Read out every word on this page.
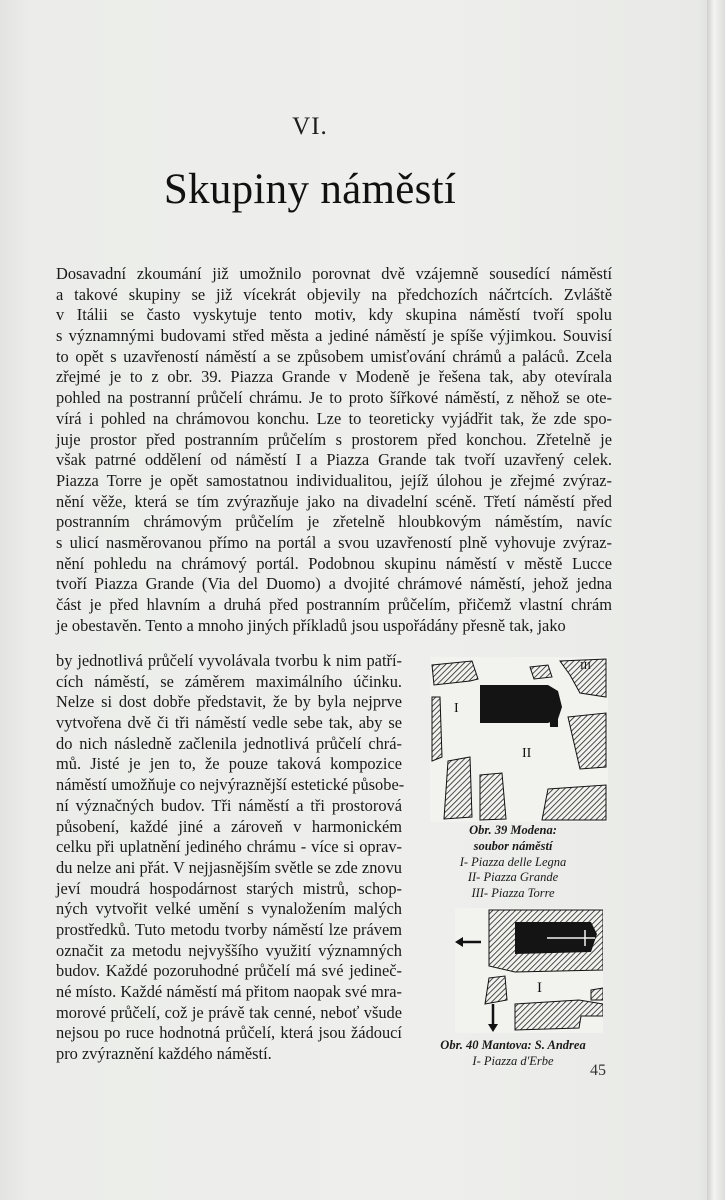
VI.
Skupiny náměstí
Dosavadní zkoumání již umožnilo porovnat dvě vzájemně sousedící náměstí
a takové skupiny se již vícekrát objevily na předchozích náčrtcích. Zvláště
v Itálii se často vyskytuje tento motiv, kdy skupina náměstí tvoří spolu
s významnými budovami střed města a jediné náměstí je spíše výjimkou. Souvisí
to opět s uzavřeností náměstí a se způsobem umisťování chrámů a paláců. Zcela
zřejmé je to z obr. 39. Piazza Grande v Modeně je řešena tak, aby otevírala
pohled na postranní průčelí chrámu. Je to proto šířkové náměstí, z něhož se ote-
vírá i pohled na chrámovou konchu. Lze to teoreticky vyjádřit tak, že zde spo-
juje prostor před postranním průčelím s prostorem před konchou. Zřetelně je
však patrné oddělení od náměstí I a Piazza Grande tak tvoří uzavřený celek.
Piazza Torre je opět samostatnou individualitou, jejíž úlohou je zřejmé zvýraz-
nění věže, která se tím zvýrazňuje jako na divadelní scéně. Třetí náměstí před
postranním chrámovým průčelím je zřetelně hloubkovým náměstím, navíc
s ulicí nasměrovanou přímo na portál a svou uzavřeností plně vyhovuje zvýraz-
nění pohledu na chrámový portál. Podobnou skupinu náměstí v městě Lucce
tvoří Piazza Grande (Via del Duomo) a dvojité chrámové náměstí, jehož jedna
část je před hlavním a druhá před postranním průčelím, přičemž vlastní chrám
je obestavěn. Tento a mnoho jiných příkladů jsou uspořádány přesně tak, jako
by jednotlivá průčelí vyvolávala tvorbu k nim patří-
cích náměstí, se záměrem maximálního účinku.
Nelze si dost dobře představit, že by byla nejprve
vytvořena dvě či tři náměstí vedle sebe tak, aby se
do nich následně začlenila jednotlivá průčelí chrá-
mů. Jisté je jen to, že pouze taková kompozice
náměstí umožňuje co nejvýraznější estetické působe-
ní význačných budov. Tři náměstí a tři prostorová
působení, každé jiné a zároveň v harmonickém
celku při uplatnění jediného chrámu - více si oprav-
du nelze ani přát. V nejjasnějším světle se zde znovu
jeví moudrá hospodárnost starých mistrů, schop-
ných vytvořit velké umění s vynaložením malých
prostředků. Tuto metodu tvorby náměstí lze právem
označit za metodu nejvyššího využití významných
budov. Každé pozoruhodné průčelí má své jedineč-
né místo. Každé náměstí má přitom naopak své mra-
morové průčelí, což je právě tak cenné, neboť všude
nejsou po ruce hodnotná průčelí, která jsou žádoucí
pro zvýraznění každého náměstí.
I
II
III
Obr. 39 Modena:
soubor náměstí
I- Piazza delle Legna
II- Piazza Grande
III- Piazza Torre
I
Obr. 40 Mantova: S. Andrea
I- Piazza d'Erbe
45
